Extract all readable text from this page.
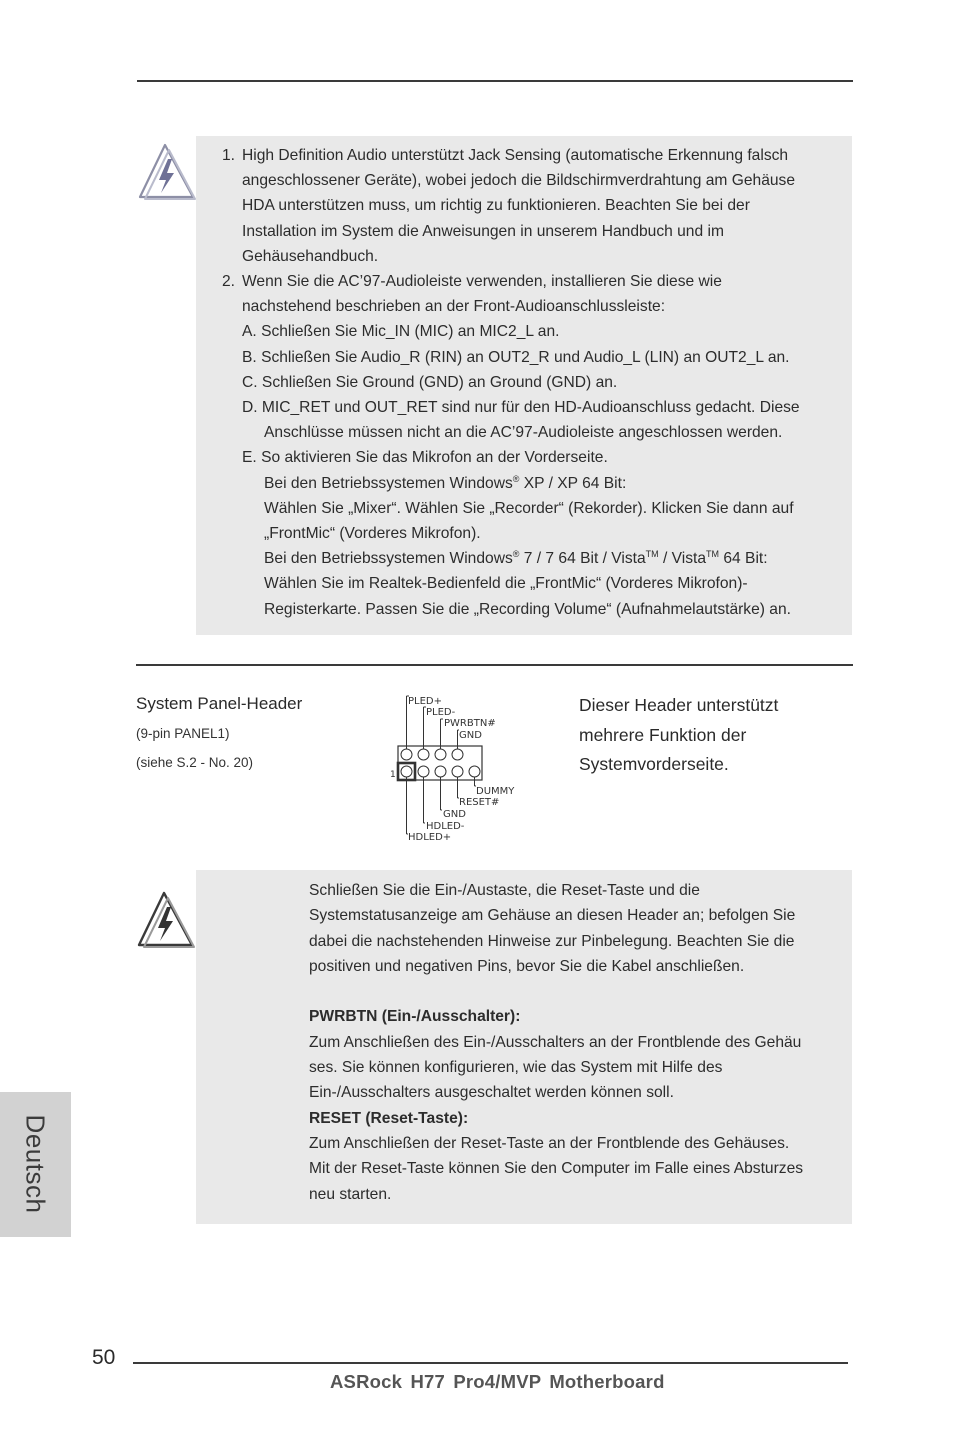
1. High Definition Audio unterstützt Jack Sensing (automatische Erkennung falsch
angeschlossener Geräte), wobei jedoch die Bildschirmverdrahtung am Gehäuse
HDA unterstützen muss, um richtig zu funktionieren. Beachten Sie bei der
Installation im System die Anweisungen in unserem Handbuch und im
Gehäusehandbuch.
2. Wenn Sie die AC’97-Audioleiste verwenden, installieren Sie diese wie
nachstehend beschrieben an der Front-Audioanschlussleiste:
A. Schließen Sie Mic_IN (MIC) an MIC2_L an.
B. Schließen Sie Audio_R (RIN) an OUT2_R und Audio_L (LIN) an OUT2_L an.
C. Schließen Sie Ground (GND) an Ground (GND) an.
D. MIC_RET und OUT_RET sind nur für den HD-Audioanschluss gedacht. Diese
Anschlüsse müssen nicht an die AC’97-Audioleiste angeschlossen werden.
E. So aktivieren Sie das Mikrofon an der Vorderseite.
Bei den Betriebssystemen Windows® XP / XP 64 Bit:
Wählen Sie „Mixer“. Wählen Sie „Recorder“ (Rekorder). Klicken Sie dann auf
„FrontMic“ (Vorderes Mikrofon).
Bei den Betriebssystemen Windows® 7 / 7 64 Bit / Vista™ / Vista™ 64 Bit:
Wählen Sie im Realtek-Bedienfeld die „FrontMic“ (Vorderes Mikrofon)-
Registerkarte. Passen Sie die „Recording Volume“ (Aufnahmelautstärke) an.
System Panel-Header
(9-pin PANEL1)
(siehe S.2 - No. 20)
PLED+
PLED-
PWRBTN#
GND
1
DUMMY
RESET#
GND
HDLED-
HDLED+
Dieser Header unterstützt
mehrere Funktion der
Systemvorderseite.
Schließen Sie die Ein-/Austaste, die Reset-Taste und die
Systemstatusanzeige am Gehäuse an diesen Header an; befolgen Sie
dabei die nachstehenden Hinweise zur Pinbelegung. Beachten Sie die
positiven und negativen Pins, bevor Sie die Kabel anschließen.

PWRBTN (Ein-/Ausschalter):
Zum Anschließen des Ein-/Ausschalters an der Frontblende des Gehäu
ses. Sie können konfigurieren, wie das System mit Hilfe des
Ein-/Ausschalters ausgeschaltet werden können soll.
RESET (Reset-Taste):
Zum Anschließen der Reset-Taste an der Frontblende des Gehäuses.
Mit der Reset-Taste können Sie den Computer im Falle eines Absturzes
neu starten.
Deutsch
50
ASRock H77 Pro4/MVP Motherboard
